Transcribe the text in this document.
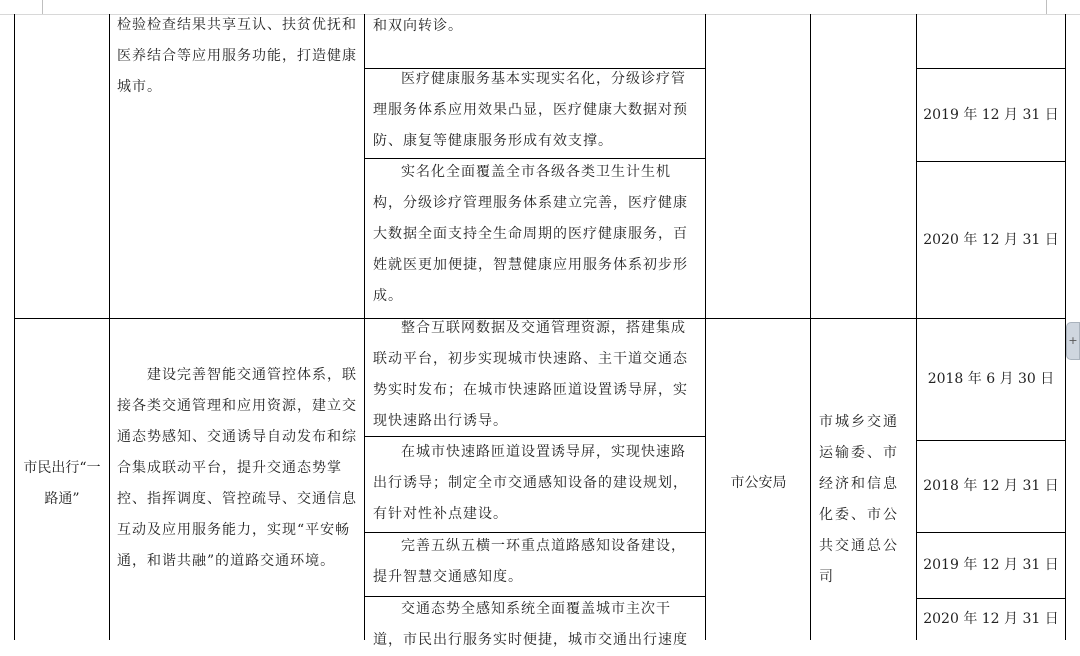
检验检查结果共享互认、扶贫优抚和医养结合等应用服务功能，打造健康城市。
和双向转诊。
医疗健康服务基本实现实名化，分级诊疗管理服务体系应用效果凸显，医疗健康大数据对预防、康复等健康服务形成有效支撑。
实名化全面覆盖全市各级各类卫生计生机构，分级诊疗管理服务体系建立完善，医疗健康大数据全面支持全生命周期的医疗健康服务，百姓就医更加便捷，智慧健康应用服务体系初步形成。
2019 年 12 月 31 日
2020 年 12 月 31 日
市民出行“一路通”
建设完善智能交通管控体系，联接各类交通管理和应用资源，建立交通态势感知、交通诱导自动发布和综合集成联动平台，提升交通态势掌控、指挥调度、管控疏导、交通信息互动及应用服务能力，实现“平安畅通，和谐共融”的道路交通环境。
整合互联网数据及交通管理资源，搭建集成联动平台，初步实现城市快速路、主干道交通态势实时发布；在城市快速路匝道设置诱导屏，实现快速路出行诱导。
在城市快速路匝道设置诱导屏，实现快速路出行诱导；制定全市交通感知设备的建设规划，有针对性补点建设。
完善五纵五横一环重点道路感知设备建设，提升智慧交通感知度。
交通态势全感知系统全面覆盖城市主次干道，市民出行服务实时便捷，城市交通出行速度
市公安局
市城乡交通运输委、市经济和信息化委、市公共交通总公司
2018 年 6 月 30 日
2018 年 12 月 31 日
2019 年 12 月 31 日
2020 年 12 月 31 日
+
